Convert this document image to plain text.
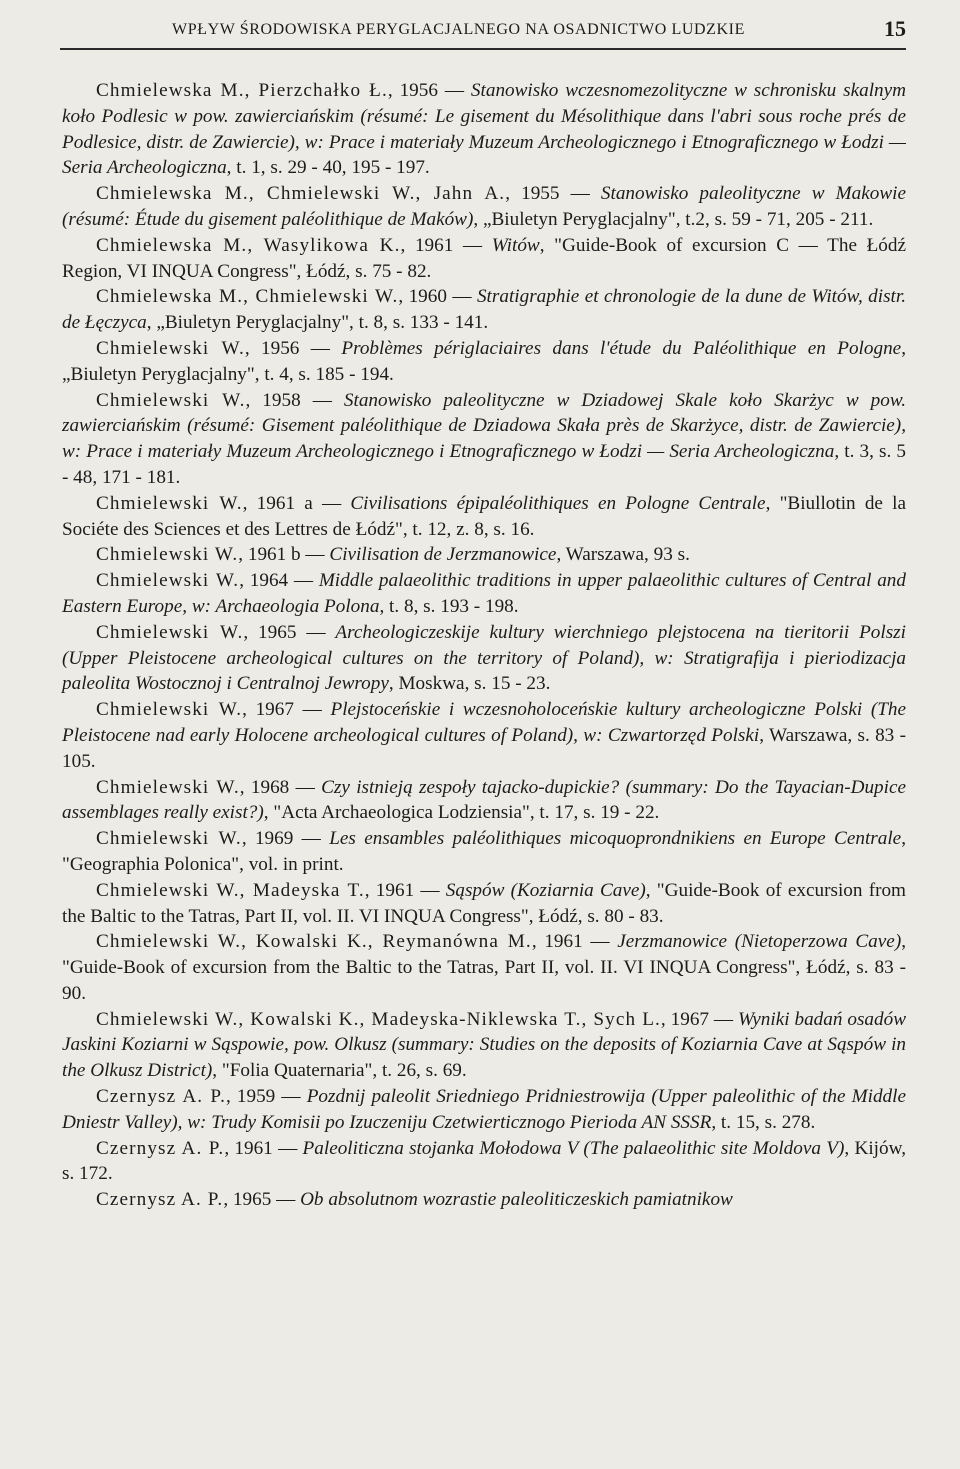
WPŁYW ŚRODOWISKA PERYGLACJALNEGO NA OSADNICTWO LUDZKIE	15

Chmielewska M., Pierzchałko Ł., 1956 — Stanowisko wczesnomezolityczne w schronisku skalnym koło Podlesic w pow. zawierciańskim (résumé: Le gisement du Mésolithique dans l'abri sous roche prés de Podlesice, distr. de Zawiercie), w: Prace i materiały Muzeum Archeologicznego i Etnograficznego w Łodzi — Seria Archeologiczna, t. 1, s. 29 - 40, 195 - 197.

Chmielewska M., Chmielewski W., Jahn A., 1955 — Stanowisko paleolityczne w Makowie (résumé: Étude du gisement paléolithique de Maków), „Biuletyn Peryglacjalny", t.2, s. 59 - 71, 205 - 211.

Chmielewska M., Wasylikowa K., 1961 — Witów, "Guide-Book of excursion C — The Łódź Region, VI INQUA Congress", Łódź, s. 75 - 82.

Chmielewska M., Chmielewski W., 1960 — Stratigraphie et chronologie de la dune de Witów, distr. de Łęczyca, „Biuletyn Peryglacjalny", t. 8, s. 133 - 141.

Chmielewski W., 1956 — Problèmes périglaciaires dans l'étude du Paléolithique en Pologne, „Biuletyn Peryglacjalny", t. 4, s. 185 - 194.

Chmielewski W., 1958 — Stanowisko paleolityczne w Dziadowej Skale koło Skarżyc w pow. zawierciańskim (résumé: Gisement paléolithique de Dziadowa Skała près de Skarżyce, distr. de Zawiercie), w: Prace i materiały Muzeum Archeologicznego i Etnograficznego w Łodzi — Seria Archeologiczna, t. 3, s. 5 - 48, 171 - 181.

Chmielewski W., 1961 a — Civilisations épipaléolithiques en Pologne Centrale, "Biullotin de la Sociéte des Sciences et des Lettres de Łódź", t. 12, z. 8, s. 16.

Chmielewski W., 1961 b — Civilisation de Jerzmanowice, Warszawa, 93 s.

Chmielewski W., 1964 — Middle palaeolithic traditions in upper palaeolithic cultures of Central and Eastern Europe, w: Archaeologia Polona, t. 8, s. 193 - 198.

Chmielewski W., 1965 — Archeologiczeskije kultury wierchniego plejstocena na tieritorii Polszi (Upper Pleistocene archeological cultures on the territory of Poland), w: Stratigrafija i pieriodizacja paleolita Wostocznoj i Centralnoj Jewropy, Moskwa, s. 15 - 23.

Chmielewski W., 1967 — Plejstoceńskie i wczesnoholoceńskie kultury archeologiczne Polski (The Pleistocene nad early Holocene archeological cultures of Poland), w: Czwartorzęd Polski, Warszawa, s. 83 - 105.

Chmielewski W., 1968 — Czy istnieją zespoły tajacko-dupickie? (summary: Do the Tayacian-Dupice assemblages really exist?), "Acta Archaeologica Lodziensia", t. 17, s. 19 - 22.

Chmielewski W., 1969 — Les ensambles paléolithiques micoquoprondnikiens en Europe Centrale, "Geographia Polonica", vol. in print.

Chmielewski W., Madeyska T., 1961 — Sąspów (Koziarnia Cave), "Guide-Book of excursion from the Baltic to the Tatras, Part II, vol. II. VI INQUA Congress", Łódź, s. 80 - 83.

Chmielewski W., Kowalski K., Reymanówna M., 1961 — Jerzmanowice (Nietoperzowa Cave), "Guide-Book of excursion from the Baltic to the Tatras, Part II, vol. II. VI INQUA Congress", Łódź, s. 83 - 90.

Chmielewski W., Kowalski K., Madeyska-Niklewska T., Sych L., 1967 — Wyniki badań osadów Jaskini Koziarni w Sąspowie, pow. Olkusz (summary: Studies on the deposits of Koziarnia Cave at Sąspów in the Olkusz District), "Folia Quaternaria", t. 26, s. 69.

Czernysz A. P., 1959 — Pozdnij paleolit Sriedniego Pridniestrowija (Upper paleolithic of the Middle Dniestr Valley), w: Trudy Komisii po Izuczeniju Czetwierticznogo Pierioda AN SSSR, t. 15, s. 278.

Czernysz A. P., 1961 — Paleoliticzna stojanka Mołodowa V (The palaeolithic site Moldova V), Kijów, s. 172.

Czernysz A. P., 1965 — Ob absolutnom wozrastie paleoliticzeskich pamiatnikow
